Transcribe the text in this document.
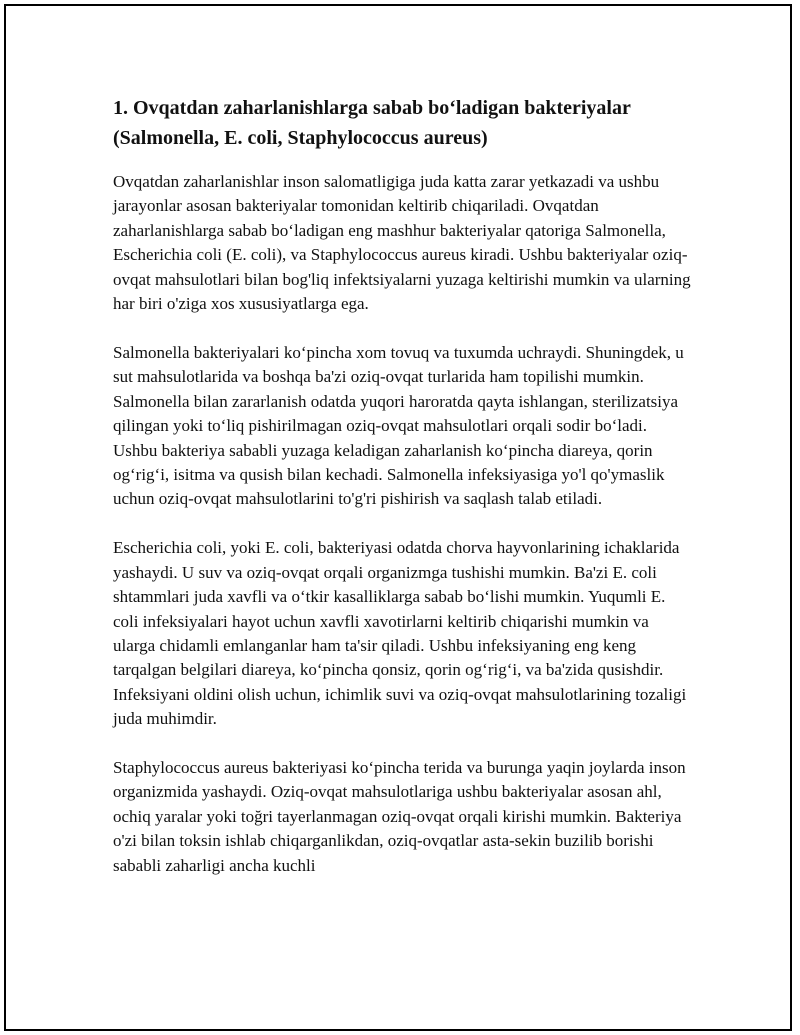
1. Ovqatdan zaharlanishlarga sabab bo‘ladigan bakteriyalar (Salmonella, E. coli, Staphylococcus aureus)

Ovqatdan zaharlanishlar inson salomatligiga juda katta zarar yetkazadi va ushbu jarayonlar asosan bakteriyalar tomonidan keltirib chiqariladi. Ovqatdan zaharlanishlarga sabab bo‘ladigan eng mashhur bakteriyalar qatoriga Salmonella, Escherichia coli (E. coli), va Staphylococcus aureus kiradi. Ushbu bakteriyalar oziq-ovqat mahsulotlari bilan bog'liq infektsiyalarni yuzaga keltirishi mumkin va ularning har biri o'ziga xos xususiyatlarga ega.

Salmonella bakteriyalari ko‘pincha xom tovuq va tuxumda uchraydi. Shuningdek, u sut mahsulotlarida va boshqa ba'zi oziq-ovqat turlarida ham topilishi mumkin. Salmonella bilan zararlanish odatda yuqori haroratda qayta ishlangan, sterilizatsiya qilingan yoki to‘liq pishirilmagan oziq-ovqat mahsulotlari orqali sodir bo‘ladi. Ushbu bakteriya sababli yuzaga keladigan zaharlanish ko‘pincha diareya, qorin og‘rig‘i, isitma va qusish bilan kechadi. Salmonella infeksiyasiga yo'l qo'ymaslik uchun oziq-ovqat mahsulotlarini to'g'ri pishirish va saqlash talab etiladi.

Escherichia coli, yoki E. coli, bakteriyasi odatda chorva hayvonlarining ichaklarida yashaydi. U suv va oziq-ovqat orqali organizmga tushishi mumkin. Ba'zi E. coli shtammlari juda xavfli va o‘tkir kasalliklarga sabab bo‘lishi mumkin. Yuqumli E. coli infeksiyalari hayot uchun xavfli xavotirlarni keltirib chiqarishi mumkin va ularga chidamli emlanganlar ham ta'sir qiladi. Ushbu infeksiyaning eng keng tarqalgan belgilari diareya, ko‘pincha qonsiz, qorin og‘rig‘i, va ba'zida qusishdir. Infeksiyani oldini olish uchun, ichimlik suvi va oziq-ovqat mahsulotlarining tozaligi juda muhimdir.

Staphylococcus aureus bakteriyasi ko‘pincha terida va burunga yaqin joylarda inson organizmida yashaydi. Oziq-ovqat mahsulotlariga ushbu bakteriyalar asosan ahl, ochiq yaralar yoki toğri tayerlanmagan oziq-ovqat orqali kirishi mumkin. Bakteriya o'zi bilan toksin ishlab chiqarganlikdan, oziq-ovqatlar asta-sekin buzilib borishi sababli zaharligi ancha kuchli
